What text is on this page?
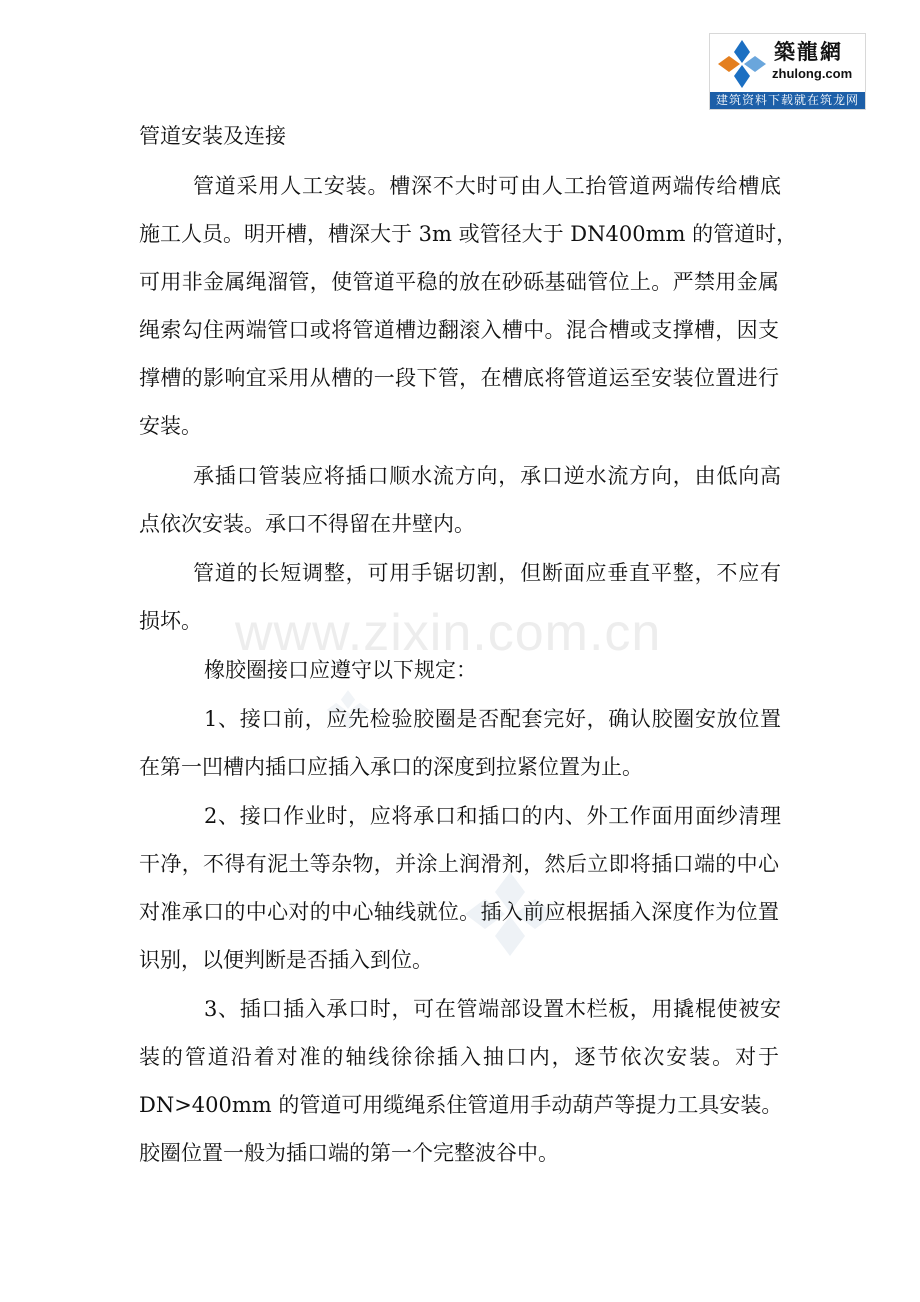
www.zixin.com.cn
築龍網
zhulong.com
建筑资料下载就在筑龙网
管道安装及连接
管道采用人工安装。槽深不大时可由人工抬管道两端传给槽底
施工人员。明开槽，槽深大于 3m 或管径大于 DN400mm 的管道时，
可用非金属绳溜管，使管道平稳的放在砂砾基础管位上。严禁用金属
绳索勾住两端管口或将管道槽边翻滚入槽中。混合槽或支撑槽，因支
撑槽的影响宜采用从槽的一段下管，在槽底将管道运至安装位置进行
安装。
承插口管装应将插口顺水流方向，承口逆水流方向，由低向高
点依次安装。承口不得留在井壁内。
管道的长短调整，可用手锯切割，但断面应垂直平整，不应有
损坏。
橡胶圈接口应遵守以下规定：
1、接口前，应先检验胶圈是否配套完好，确认胶圈安放位置
在第一凹槽内插口应插入承口的深度到拉紧位置为止。
2、接口作业时，应将承口和插口的内、外工作面用面纱清理
干净，不得有泥土等杂物，并涂上润滑剂，然后立即将插口端的中心
对准承口的中心对的中心轴线就位。插入前应根据插入深度作为位置
识别，以便判断是否插入到位。
3、插口插入承口时，可在管端部设置木栏板，用撬棍使被安
装的管道沿着对准的轴线徐徐插入抽口内，逐节依次安装。对于
DN>400mm 的管道可用缆绳系住管道用手动葫芦等提力工具安装。
胶圈位置一般为插口端的第一个完整波谷中。
